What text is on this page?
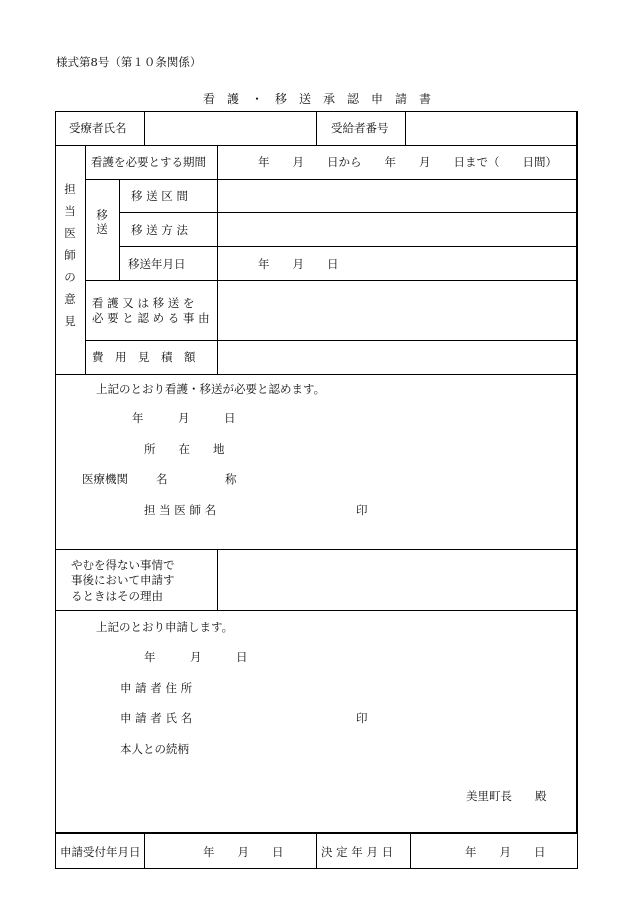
様式第8号（第１０条関係）
看　護　・　移　送　承　認　申　請　書
受療者氏名	受給者番号
担当医師の意見
看護を必要とする期間	年　　月　　日から　　年　　月　　日まで（　　日間）
移送
移 送 区 間
移 送 方 法
移送年月日	年　　月　　日
看 護 又 は 移 送 を
必 要 と 認 め る 事 由
費　用　見　積　額
上記のとおり看護・移送が必要と認めます。
年　　　月　　　日
所　　在　　地
医療機関 名	称
担 当 医 師 名	印
やむを得ない事情で
事後において申請す
るときはその理由
上記のとおり申請します。
年　　　月　　　日
申 請 者 住 所
申 請 者 氏 名	印
本人との続柄
美里町長　　殿
申請受付年月日	年　　月　　日	決 定 年 月 日	年　　月　　日
